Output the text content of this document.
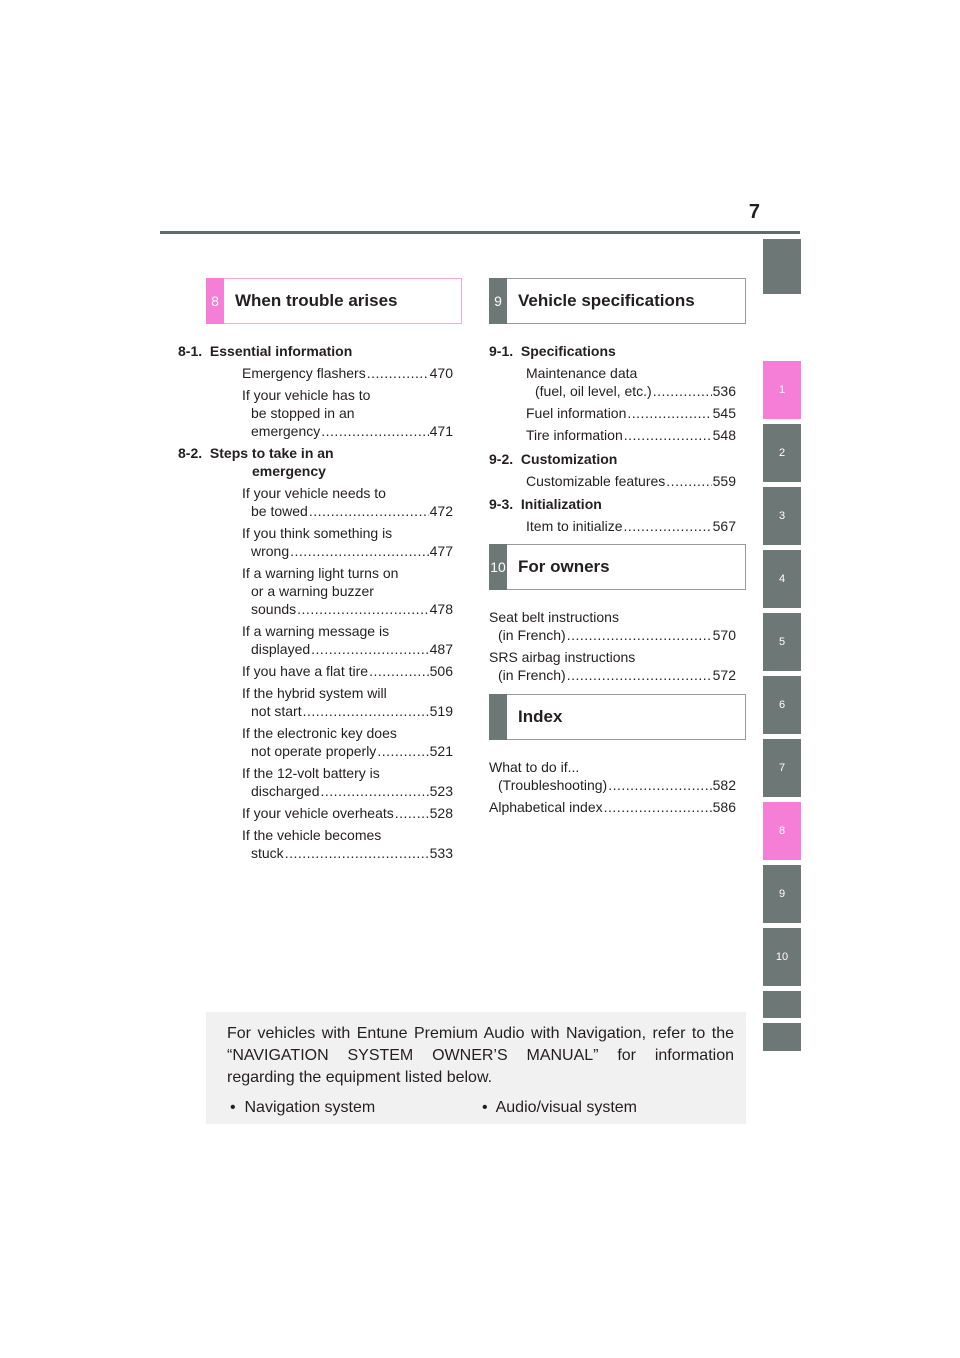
7
1
2
3
4
5
6
7
8
9
10
8 When trouble arises	9 Vehicle specifications
10 For owners
Index
8-1.  Essential information
Emergency flashers .....	470
If your vehicle has to
be stopped in an
emergency .....	471
8-2.  Steps to take in an
emergency
If your vehicle needs to
be towed .....	472
If you think something is
wrong .....	477
If a warning light turns on
or a warning buzzer
sounds .....	478
If a warning message is
displayed .....	487
If you have a flat tire .....	506
If the hybrid system will
not start .....	519
If the electronic key does
not operate properly .....	521
If the 12-volt battery is
discharged .....	523
If your vehicle overheats .....	528
If the vehicle becomes
stuck .....	533
9-1.  Specifications
Maintenance data
(fuel, oil level, etc.) .....	536
Fuel information .....	545
Tire information .....	548
9-2.  Customization
Customizable features .....	559
9-3.  Initialization
Item to initialize .....	567
Seat belt instructions
(in French) .....	570
SRS airbag instructions
(in French) .....	572
What to do if...
(Troubleshooting) .....	582
Alphabetical index .....	586
For vehicles with Entune Premium Audio with Navigation, refer to the “NAVIGATION SYSTEM OWNER’S MANUAL” for information regarding the equipment listed below.
•  Navigation system	•  Audio/visual system
